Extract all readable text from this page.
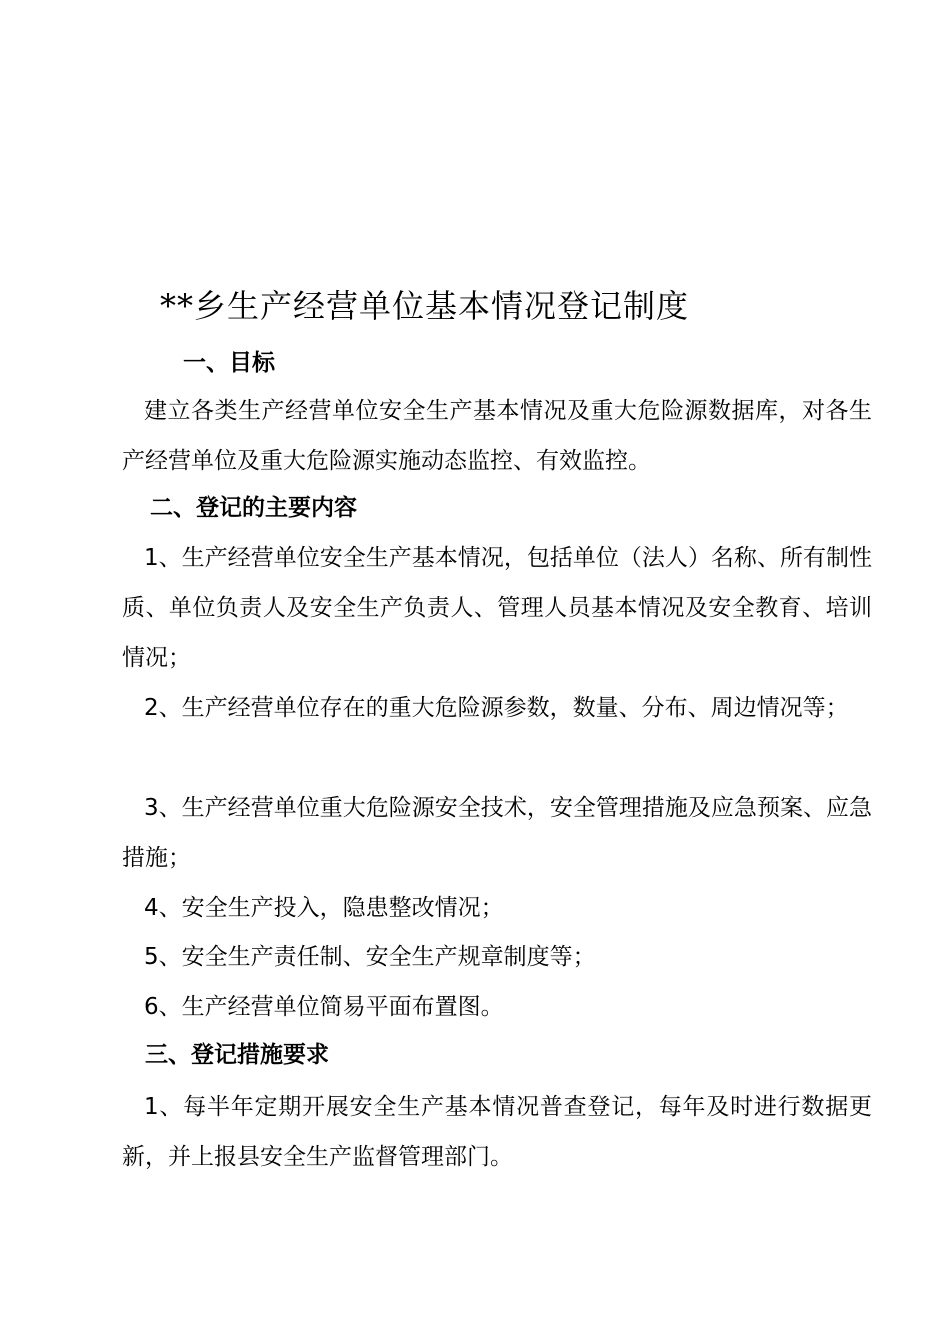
**乡生产经营单位基本情况登记制度
一、目标
建立各类生产经营单位安全生产基本情况及重大危险源数据库，对各生产经营单位及重大危险源实施动态监控、有效监控。
二、登记的主要内容
1、生产经营单位安全生产基本情况，包括单位（法人）名称、所有制性质、单位负责人及安全生产负责人、管理人员基本情况及安全教育、培训情况；
2、生产经营单位存在的重大危险源参数，数量、分布、周边情况等；
3、生产经营单位重大危险源安全技术，安全管理措施及应急预案、应急措施；
4、安全生产投入，隐患整改情况；
5、安全生产责任制、安全生产规章制度等；
6、生产经营单位简易平面布置图。
三、登记措施要求
1、每半年定期开展安全生产基本情况普查登记，每年及时进行数据更新，并上报县安全生产监督管理部门。
